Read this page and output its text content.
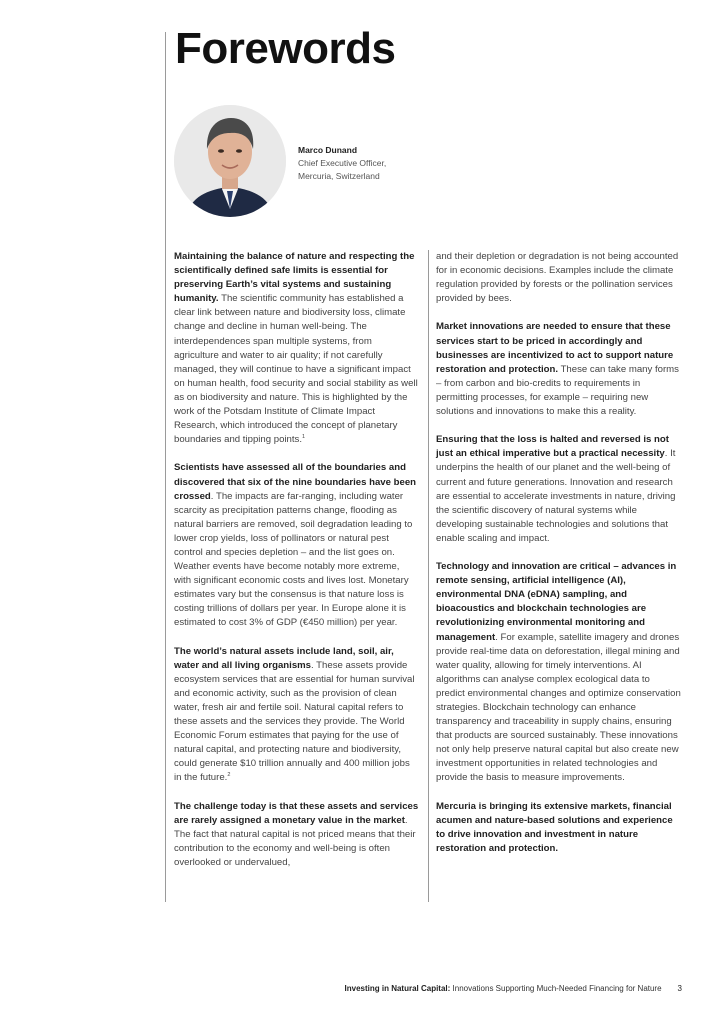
Forewords
Marco Dunand
Chief Executive Officer,
Mercuria, Switzerland

Maintaining the balance of nature and respecting the scientifically defined safe limits is essential for preserving Earth’s vital systems and sustaining humanity. The scientific community has established a clear link between nature and biodiversity loss, climate change and decline in human well-being. The interdependences span multiple systems, from agriculture and water to air quality; if not carefully managed, they will continue to have a significant impact on human health, food security and social stability as well as on biodiversity and nature. This is highlighted by the work of the Potsdam Institute of Climate Impact Research, which introduced the concept of planetary boundaries and tipping points.$^1$

Scientists have assessed all of the boundaries and discovered that six of the nine boundaries have been crossed. The impacts are far-ranging, including water scarcity as precipitation patterns change, flooding as natural barriers are removed, soil degradation leading to lower crop yields, loss of pollinators or natural pest control and species depletion – and the list goes on. Weather events have become notably more extreme, with significant economic costs and lives lost. Monetary estimates vary but the consensus is that nature loss is costing trillions of dollars per year. In Europe alone it is estimated to cost 3% of GDP (€450 million) per year.

The world’s natural assets include land, soil, air, water and all living organisms. These assets provide ecosystem services that are essential for human survival and economic activity, such as the provision of clean water, fresh air and fertile soil. Natural capital refers to these assets and the services they provide. The World Economic Forum estimates that paying for the use of natural capital, and protecting nature and biodiversity, could generate $10 trillion annually and 400 million jobs in the future.$^2$

The challenge today is that these assets and services are rarely assigned a monetary value in the market. The fact that natural capital is not priced means that their contribution to the economy and well-being is often overlooked or undervalued,

and their depletion or degradation is not being accounted for in economic decisions. Examples include the climate regulation provided by forests or the pollination services provided by bees.

Market innovations are needed to ensure that these services start to be priced in accordingly and businesses are incentivized to act to support nature restoration and protection. These can take many forms – from carbon and bio-credits to requirements in permitting processes, for example – requiring new solutions and innovations to make this a reality.

Ensuring that the loss is halted and reversed is not just an ethical imperative but a practical necessity. It underpins the health of our planet and the well-being of current and future generations. Innovation and research are essential to accelerate investments in nature, driving the scientific discovery of natural systems while developing sustainable technologies and solutions that enable scaling and impact.

Technology and innovation are critical – advances in remote sensing, artificial intelligence (AI), environmental DNA (eDNA) sampling, and bioacoustics and blockchain technologies are revolutionizing environmental monitoring and management. For example, satellite imagery and drones provide real-time data on deforestation, illegal mining and water quality, allowing for timely interventions. AI algorithms can analyse complex ecological data to predict environmental changes and optimize conservation strategies. Blockchain technology can enhance transparency and traceability in supply chains, ensuring that products are sourced sustainably. These innovations not only help preserve natural capital but also create new investment opportunities in related technologies and provide the basis to measure improvements.

Mercuria is bringing its extensive markets, financial acumen and nature-based solutions and experience to drive innovation and investment in nature restoration and protection.

Investing in Natural Capital: Innovations Supporting Much-Needed Financing for Nature 3
